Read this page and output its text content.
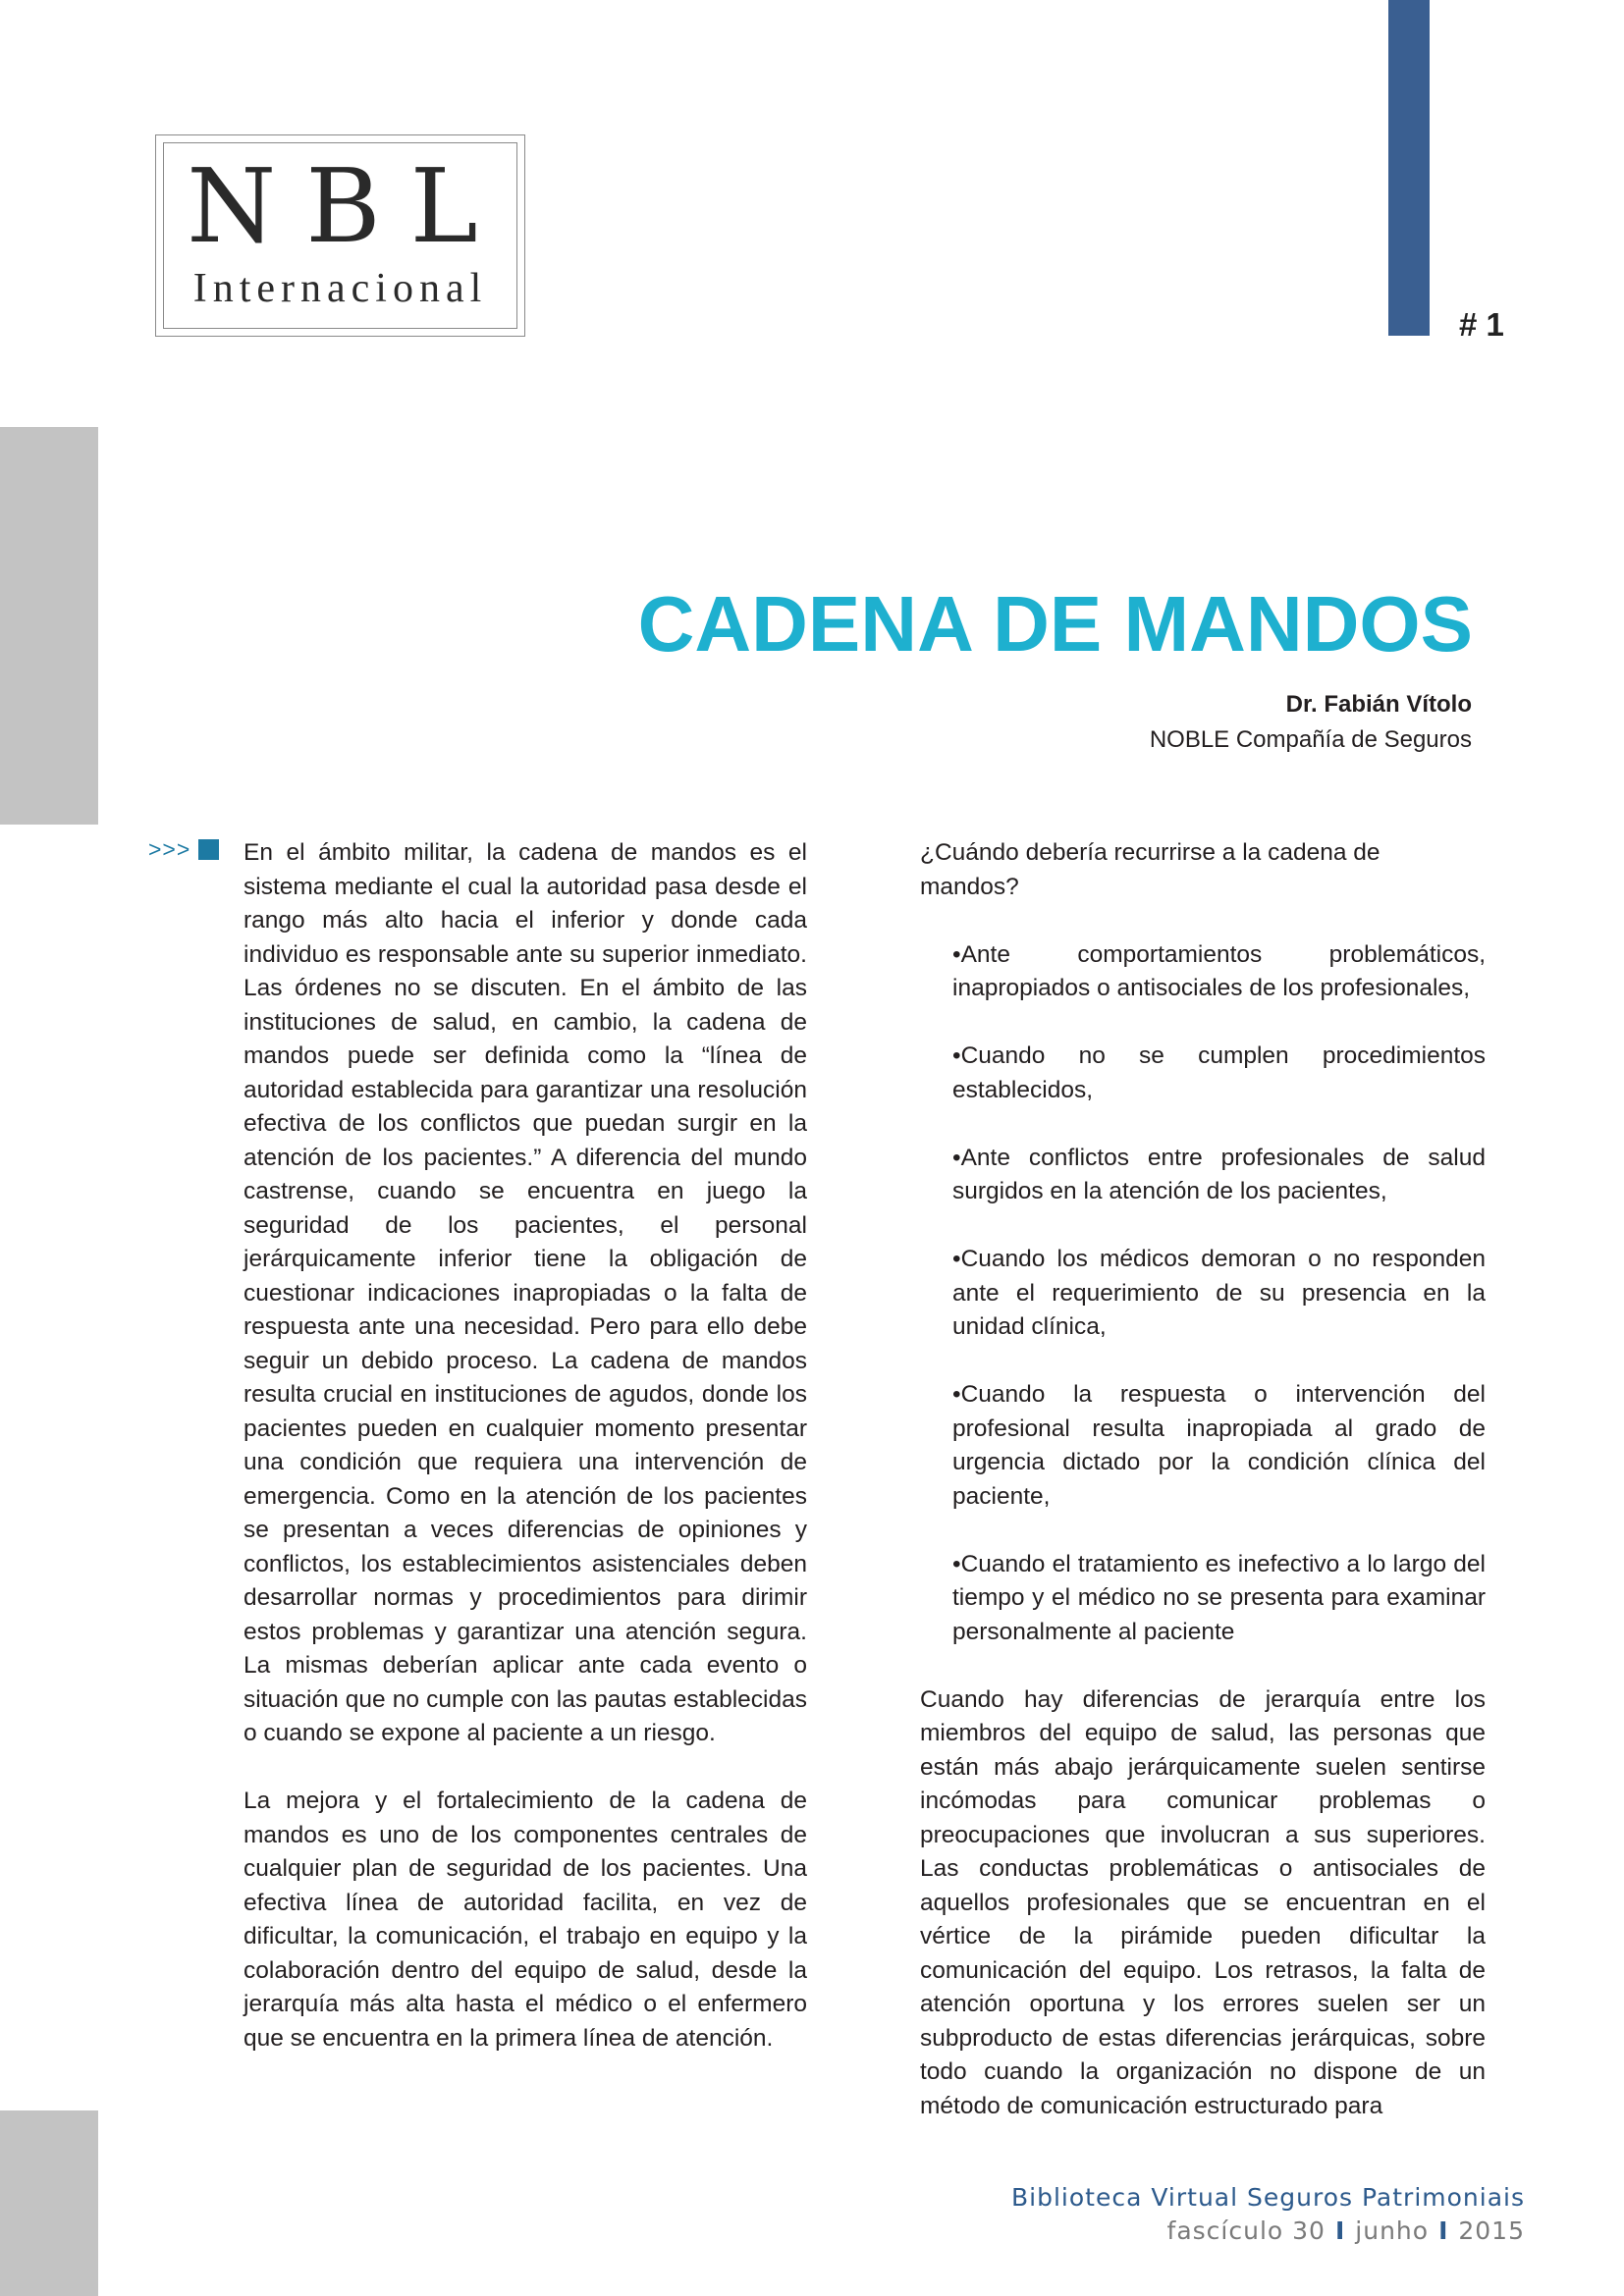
# 1
NBL
Internacional
CADENA DE MANDOS
Dr. Fabián Vítolo
NOBLE Compañía de Seguros
>>> En el ámbito militar, la cadena de mandos es el sistema mediante el cual la autoridad pasa desde el rango más alto hacia el inferior y donde cada individuo es responsable ante su superior inmediato. Las órdenes no se discuten. En el ámbito de las instituciones de salud, en cambio, la cadena de mandos puede ser definida como la “línea de autoridad establecida para garantizar una resolución efectiva de los conflictos que puedan surgir en la atención de los pacientes.” A diferencia del mundo castrense, cuando se encuentra en juego la seguridad de los pacientes, el personal jerárquicamente inferior tiene la obligación de cuestionar indicaciones inapropiadas o la falta de respuesta ante una necesidad. Pero para ello debe seguir un debido proceso. La cadena de mandos resulta crucial en instituciones de agudos, donde los pacientes pueden en cualquier momento presentar una condición que requiera una intervención de emergencia. Como en la atención de los pacientes se presentan a veces diferencias de opiniones y conflictos, los establecimientos asistenciales deben desarrollar normas y procedimientos para dirimir estos problemas y garantizar una atención segura. La mismas deberían aplicar ante cada evento o situación que no cumple con las pautas establecidas o cuando se expone al paciente a un riesgo.

La mejora y el fortalecimiento de la cadena de mandos es uno de los componentes centrales de cualquier plan de seguridad de los pacientes. Una efectiva línea de autoridad facilita, en vez de dificultar, la comunicación, el trabajo en equipo y la colaboración dentro del equipo de salud, desde la jerarquía más alta hasta el médico o el enfermero que se encuentra en la primera línea de atención.

¿Cuándo debería recurrirse a la cadena de mandos?

•Ante comportamientos problemáticos, inapropiados o antisociales de los profesionales,

•Cuando no se cumplen procedimientos establecidos,

•Ante conflictos entre profesionales de salud surgidos en la atención de los pacientes,

•Cuando los médicos demoran o no responden ante el requerimiento de su presencia en la unidad clínica,

•Cuando la respuesta o intervención del profesional resulta inapropiada al grado de urgencia dictado por la condición clínica del paciente,

•Cuando el tratamiento es inefectivo a lo largo del tiempo y el médico no se presenta para examinar personalmente al paciente

Cuando hay diferencias de jerarquía entre los miembros del equipo de salud, las personas que están más abajo jerárquicamente suelen sentirse incómodas para comunicar problemas o preocupaciones que involucran a sus superiores. Las conductas problemáticas o antisociales de aquellos profesionales que se encuentran en el vértice de la pirámide pueden dificultar la comunicación del equipo. Los retrasos, la falta de atención oportuna y los errores suelen ser un subproducto de estas diferencias jerárquicas, sobre todo cuando la organización no dispone de un método de comunicación estructurado para

Biblioteca Virtual Seguros Patrimoniais
fascículo 30 I junho I 2015
